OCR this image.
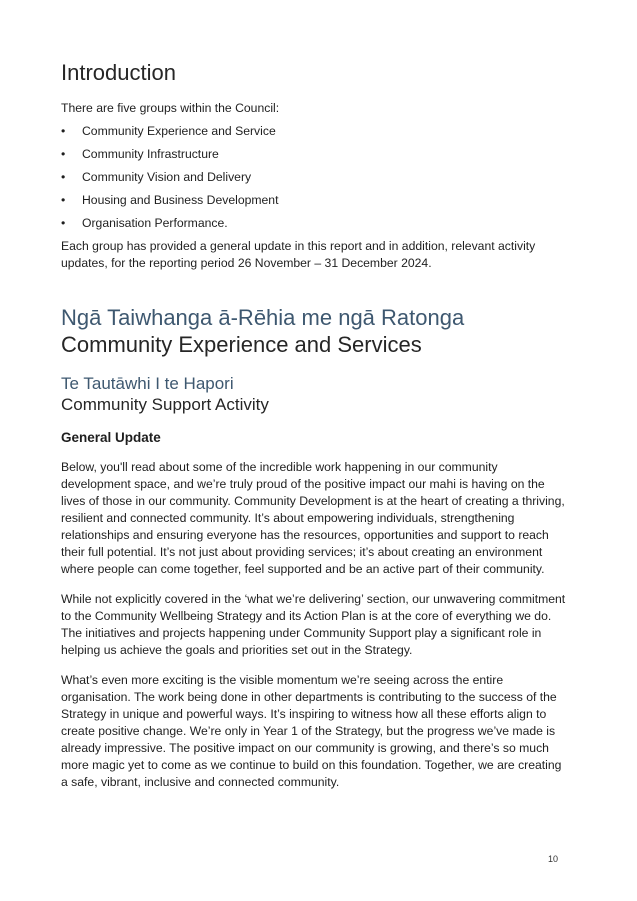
Introduction

There are five groups within the Council:

• Community Experience and Service
• Community Infrastructure
• Community Vision and Delivery
• Housing and Business Development
• Organisation Performance.

Each group has provided a general update in this report and in addition, relevant activity updates, for the reporting period 26 November – 31 December 2024.

Ngā Taiwhanga ā-Rēhia me ngā Ratonga
Community Experience and Services
Te Tautāwhi I te Hapori
Community Support Activity
General Update

Below, you'll read about some of the incredible work happening in our community development space, and we’re truly proud of the positive impact our mahi is having on the lives of those in our community. Community Development is at the heart of creating a thriving, resilient and connected community. It’s about empowering individuals, strengthening relationships and ensuring everyone has the resources, opportunities and support to reach their full potential. It’s not just about providing services; it’s about creating an environment where people can come together, feel supported and be an active part of their community.

While not explicitly covered in the ‘what we’re delivering’ section, our unwavering commitment to the Community Wellbeing Strategy and its Action Plan is at the core of everything we do. The initiatives and projects happening under Community Support play a significant role in helping us achieve the goals and priorities set out in the Strategy.

What’s even more exciting is the visible momentum we’re seeing across the entire organisation. The work being done in other departments is contributing to the success of the Strategy in unique and powerful ways. It’s inspiring to witness how all these efforts align to create positive change. We’re only in Year 1 of the Strategy, but the progress we’ve made is already impressive. The positive impact on our community is growing, and there’s so much more magic yet to come as we continue to build on this foundation. Together, we are creating a safe, vibrant, inclusive and connected community.

10
